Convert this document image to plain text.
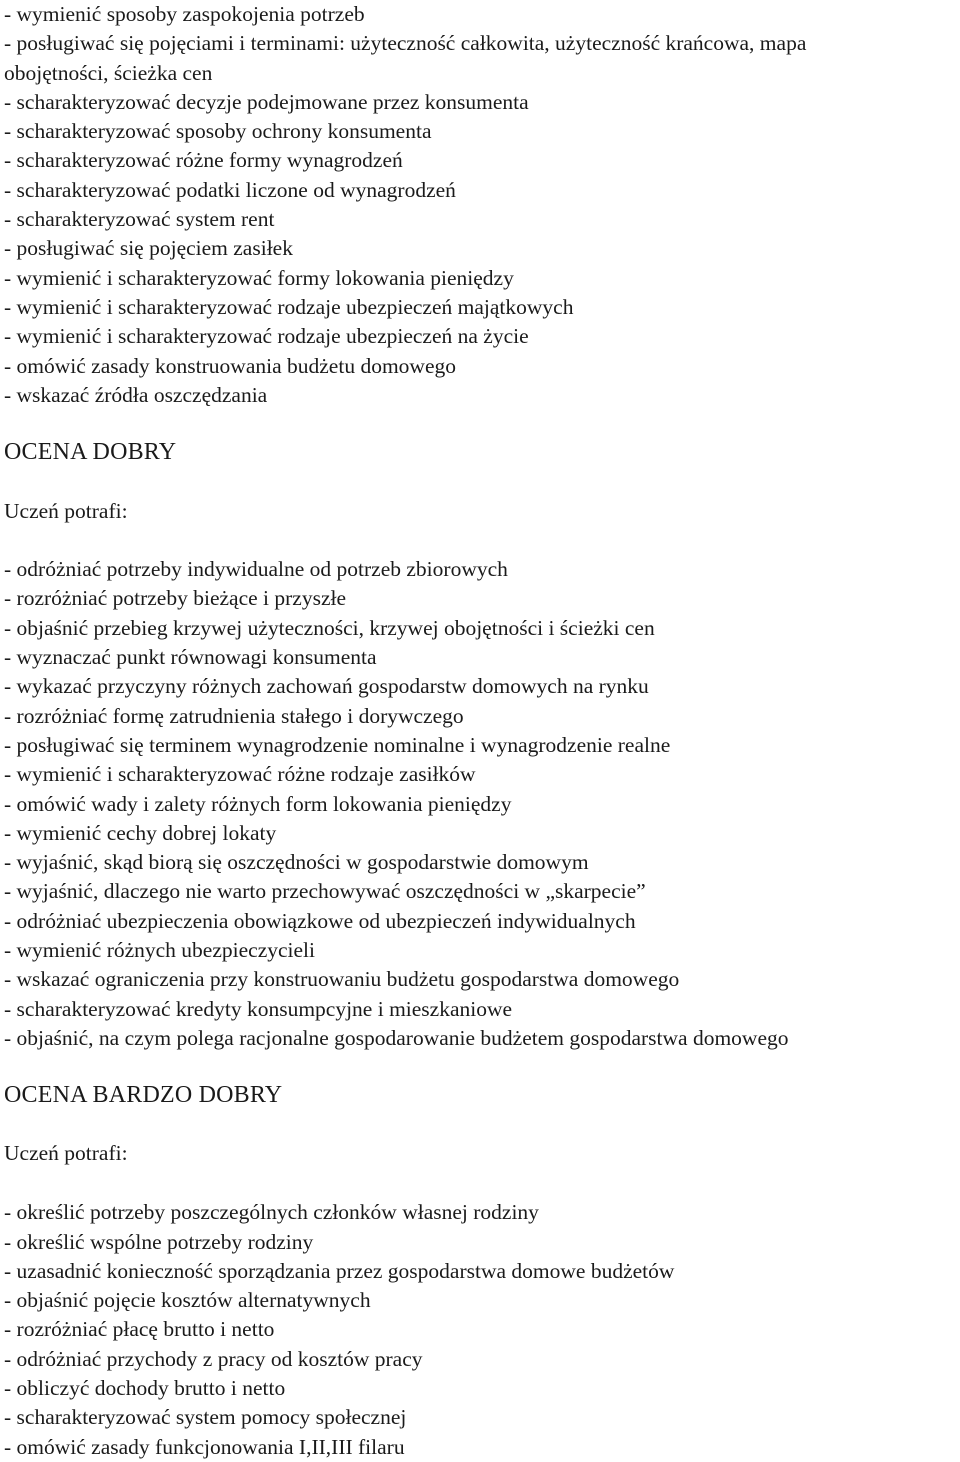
- wymienić sposoby zaspokojenia potrzeb
- posługiwać się pojęciami i terminami: użyteczność całkowita, użyteczność krańcowa, mapa
obojętności, ścieżka cen
- scharakteryzować decyzje podejmowane przez konsumenta
- scharakteryzować sposoby ochrony konsumenta
- scharakteryzować różne formy wynagrodzeń
- scharakteryzować podatki liczone od wynagrodzeń
- scharakteryzować system rent
- posługiwać się pojęciem zasiłek
- wymienić i scharakteryzować formy lokowania pieniędzy
- wymienić i scharakteryzować rodzaje ubezpieczeń majątkowych
- wymienić i scharakteryzować rodzaje ubezpieczeń na życie
- omówić zasady konstruowania budżetu domowego
- wskazać źródła oszczędzania
OCENA DOBRY
Uczeń potrafi:
- odróżniać potrzeby indywidualne od potrzeb zbiorowych
- rozróżniać potrzeby bieżące i przyszłe
- objaśnić przebieg krzywej użyteczności, krzywej obojętności i ścieżki cen
- wyznaczać punkt równowagi konsumenta
- wykazać przyczyny różnych zachowań gospodarstw domowych na rynku
- rozróżniać formę zatrudnienia stałego i dorywczego
- posługiwać się terminem wynagrodzenie nominalne i wynagrodzenie realne
- wymienić i scharakteryzować różne rodzaje zasiłków
- omówić wady i zalety różnych form lokowania pieniędzy
- wymienić cechy dobrej lokaty
- wyjaśnić, skąd biorą się oszczędności w gospodarstwie domowym
- wyjaśnić, dlaczego nie warto przechowywać oszczędności w „skarpecie”
- odróżniać ubezpieczenia obowiązkowe od ubezpieczeń indywidualnych
- wymienić różnych ubezpieczycieli
- wskazać ograniczenia przy konstruowaniu budżetu gospodarstwa domowego
- scharakteryzować kredyty konsumpcyjne i mieszkaniowe
- objaśnić, na czym polega racjonalne gospodarowanie budżetem gospodarstwa domowego
OCENA BARDZO DOBRY
Uczeń potrafi:
- określić potrzeby poszczególnych członków własnej rodziny
- określić wspólne potrzeby rodziny
- uzasadnić konieczność sporządzania przez gospodarstwa domowe budżetów
- objaśnić pojęcie kosztów alternatywnych
- rozróżniać płacę brutto i netto
- odróżniać przychody z pracy od kosztów pracy
- obliczyć dochody brutto i netto
- scharakteryzować system pomocy społecznej
- omówić zasady funkcjonowania I,II,III filaru
